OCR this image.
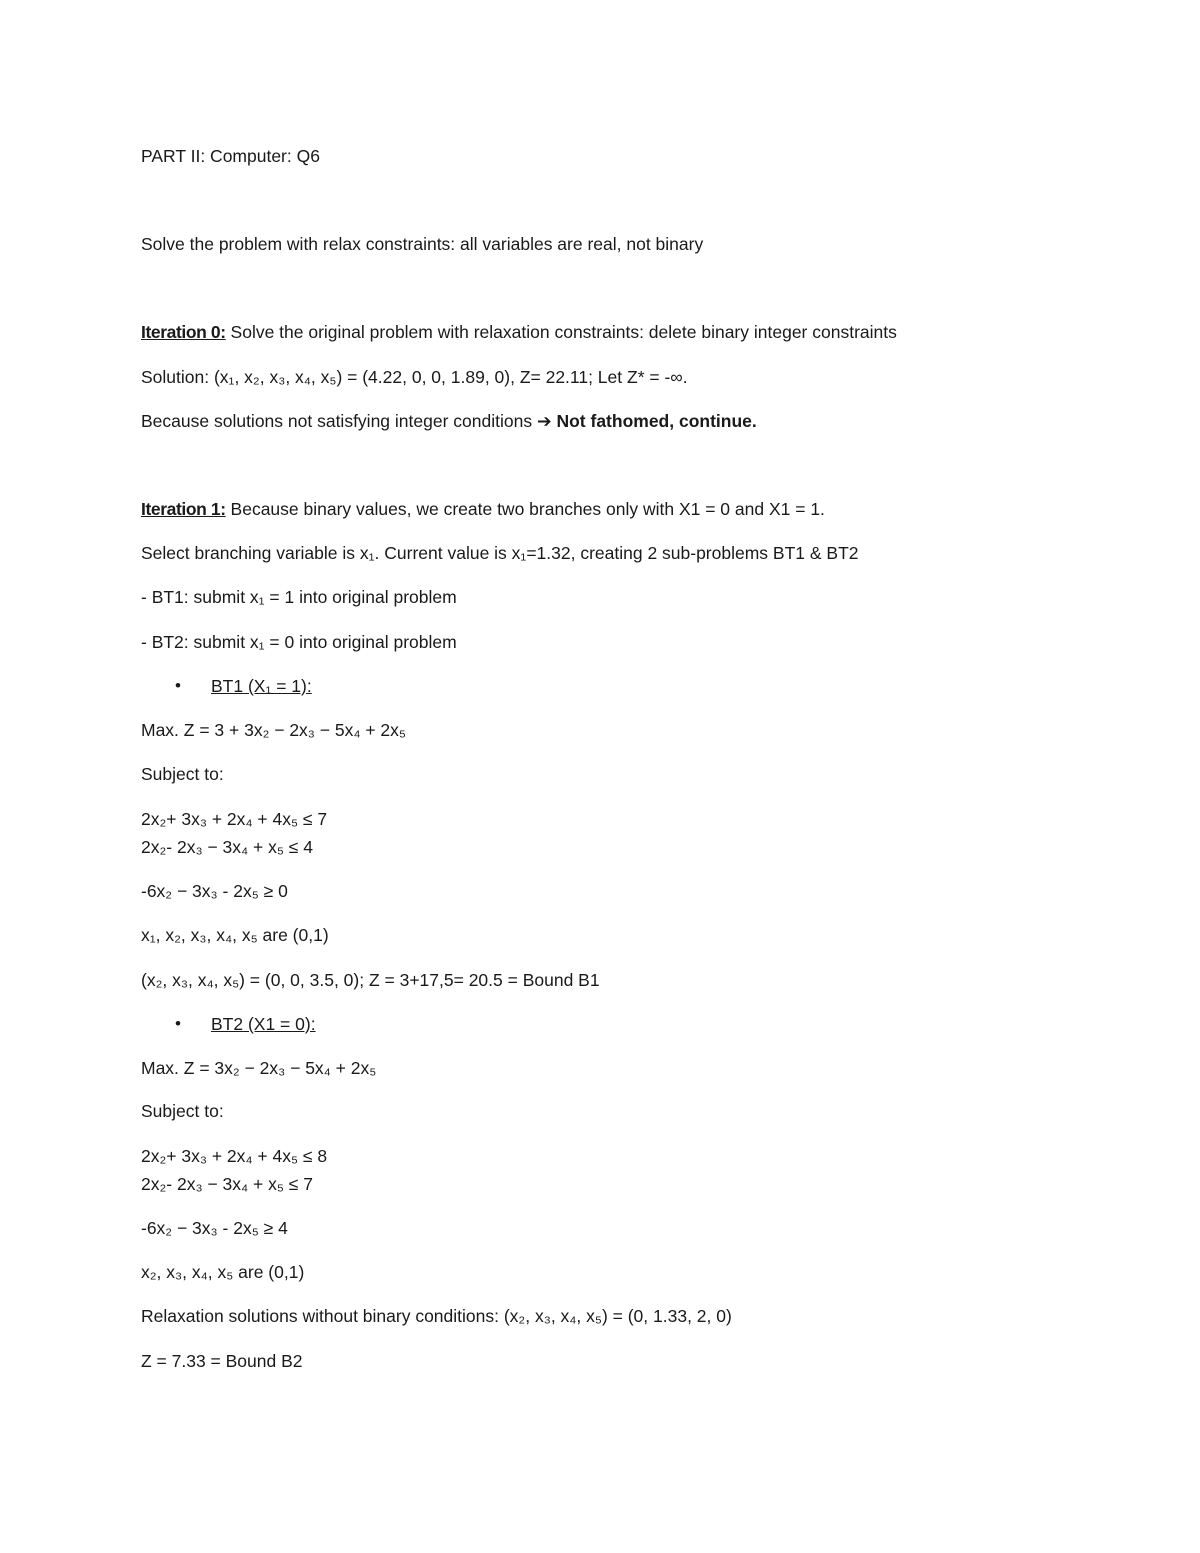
PART II: Computer: Q6
Solve the problem with relax constraints: all variables are real, not binary
Iteration 0: Solve the original problem with relaxation constraints: delete binary integer constraints
Solution: (x₁, x₂, x₃, x₄, x₅) = (4.22, 0, 0, 1.89, 0), Z= 22.11; Let Z* = -∞.
Because solutions not satisfying integer conditions ➔ Not fathomed, continue.
Iteration 1: Because binary values, we create two branches only with X1 = 0 and X1 = 1.
Select branching variable is x₁. Current value is x₁=1.32, creating 2 sub-problems BT1 & BT2
- BT1: submit x₁ = 1 into original problem
- BT2: submit x₁ = 0 into original problem
• BT1 (X₁ = 1):
Max. Z = 3 + 3x₂ − 2x₃ − 5x₄ + 2x₅
Subject to:
2x₂+ 3x₃ + 2x₄ + 4x₅ ≤ 7
2x₂- 2x₃ − 3x₄ + x₅ ≤ 4
-6x₂ − 3x₃ - 2x₅ ≥ 0
x₁, x₂, x₃, x₄, x₅ are (0,1)
(x₂, x₃, x₄, x₅) = (0, 0, 3.5, 0); Z = 3+17,5= 20.5 = Bound B1
• BT2 (X1 = 0):
Max. Z = 3x₂ − 2x₃ − 5x₄ + 2x₅
Subject to:
2x₂+ 3x₃ + 2x₄ + 4x₅ ≤ 8
2x₂- 2x₃ − 3x₄ + x₅ ≤ 7
-6x₂ − 3x₃ - 2x₅ ≥ 4
x₂, x₃, x₄, x₅ are (0,1)
Relaxation solutions without binary conditions: (x₂, x₃, x₄, x₅) = (0, 1.33, 2, 0)
Z = 7.33 = Bound B2
